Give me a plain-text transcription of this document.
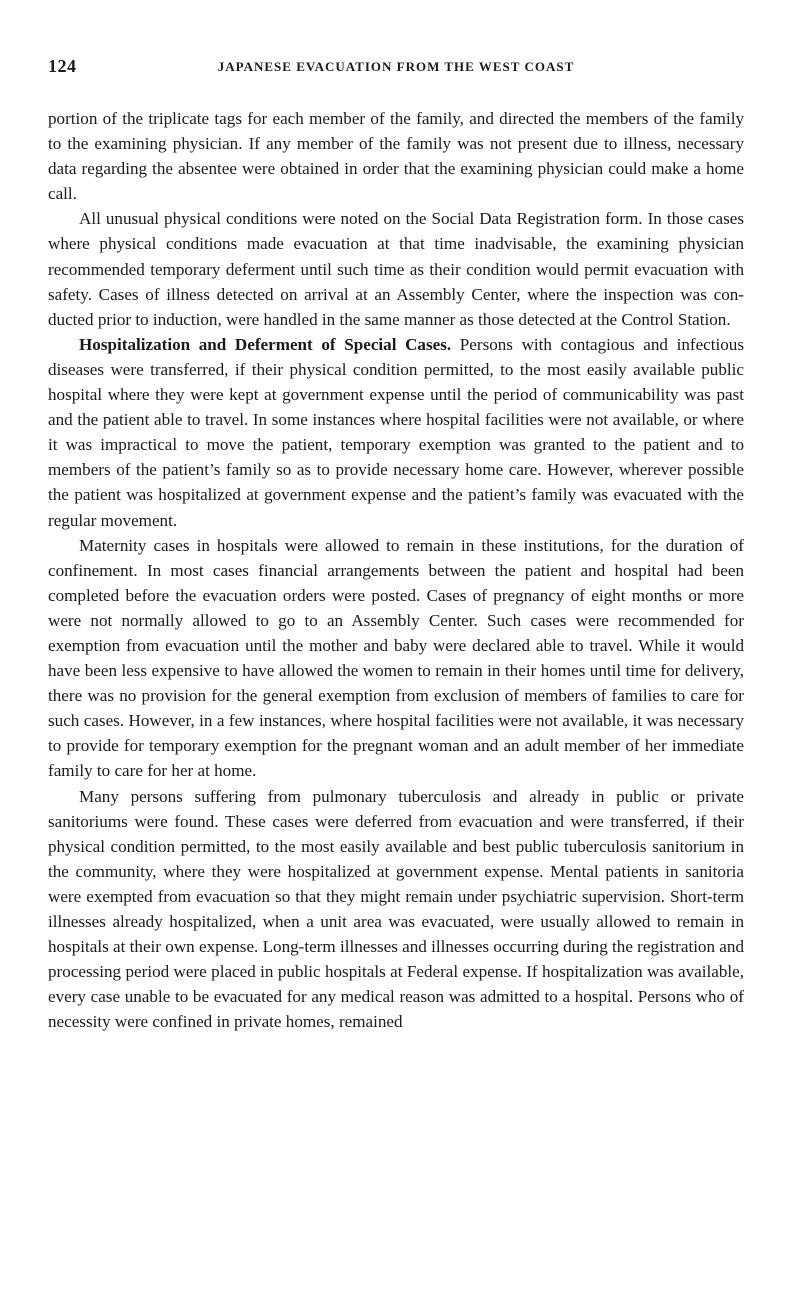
124	JAPANESE EVACUATION FROM THE WEST COAST

portion of the triplicate tags for each member of the family, and directed the members of the family to the examining physician. If any member of the family was not present due to illness, necessary data regarding the absentee were obtained in order that the examining physician could make a home call.

All unusual physical conditions were noted on the Social Data Registration form. In those cases where physical conditions made evacuation at that time inadvisable, the examining physician recommended temporary deferment until such time as their condition would permit evacuation with safety. Cases of illness detected on arrival at an Assembly Center, where the inspection was conducted prior to induction, were handled in the same manner as those detected at the Control Station.

Hospitalization and Deferment of Special Cases. Persons with contagious and infectious diseases were transferred, if their physical condition permitted, to the most easily available public hospital where they were kept at government expense until the period of communicability was past and the patient able to travel. In some instances where hospital facilities were not available, or where it was impractical to move the patient, temporary exemption was granted to the patient and to members of the patient’s family so as to provide necessary home care. However, wherever possible the patient was hospitalized at government expense and the patient’s family was evacuated with the regular movement.

Maternity cases in hospitals were allowed to remain in these institutions, for the duration of confinement. In most cases financial arrangements between the patient and hospital had been completed before the evacuation orders were posted. Cases of pregnancy of eight months or more were not normally allowed to go to an Assembly Center. Such cases were recommended for exemption from evacuation until the mother and baby were declared able to travel. While it would have been less expensive to have allowed the women to remain in their homes until time for delivery, there was no provision for the general exemption from exclusion of members of families to care for such cases. However, in a few instances, where hospital facilities were not available, it was necessary to provide for temporary exemption for the pregnant woman and an adult member of her immediate family to care for her at home.

Many persons suffering from pulmonary tuberculosis and already in public or private sanitoriums were found. These cases were deferred from evacuation and were transferred, if their physical condition permitted, to the most easily available and best public tuberculosis sanitorium in the community, where they were hospitalized at government expense. Mental patients in sanitoria were exempted from evacuation so that they might remain under psychiatric supervision. Short-term illnesses already hospitalized, when a unit area was evacuated, were usually allowed to remain in hospitals at their own expense. Long-term illnesses and illnesses occurring during the registration and processing period were placed in public hospitals at Federal expense. If hospitalization was available, every case unable to be evacuated for any medical reason was admitted to a hospital. Persons who of necessity were confined in private homes, remained
